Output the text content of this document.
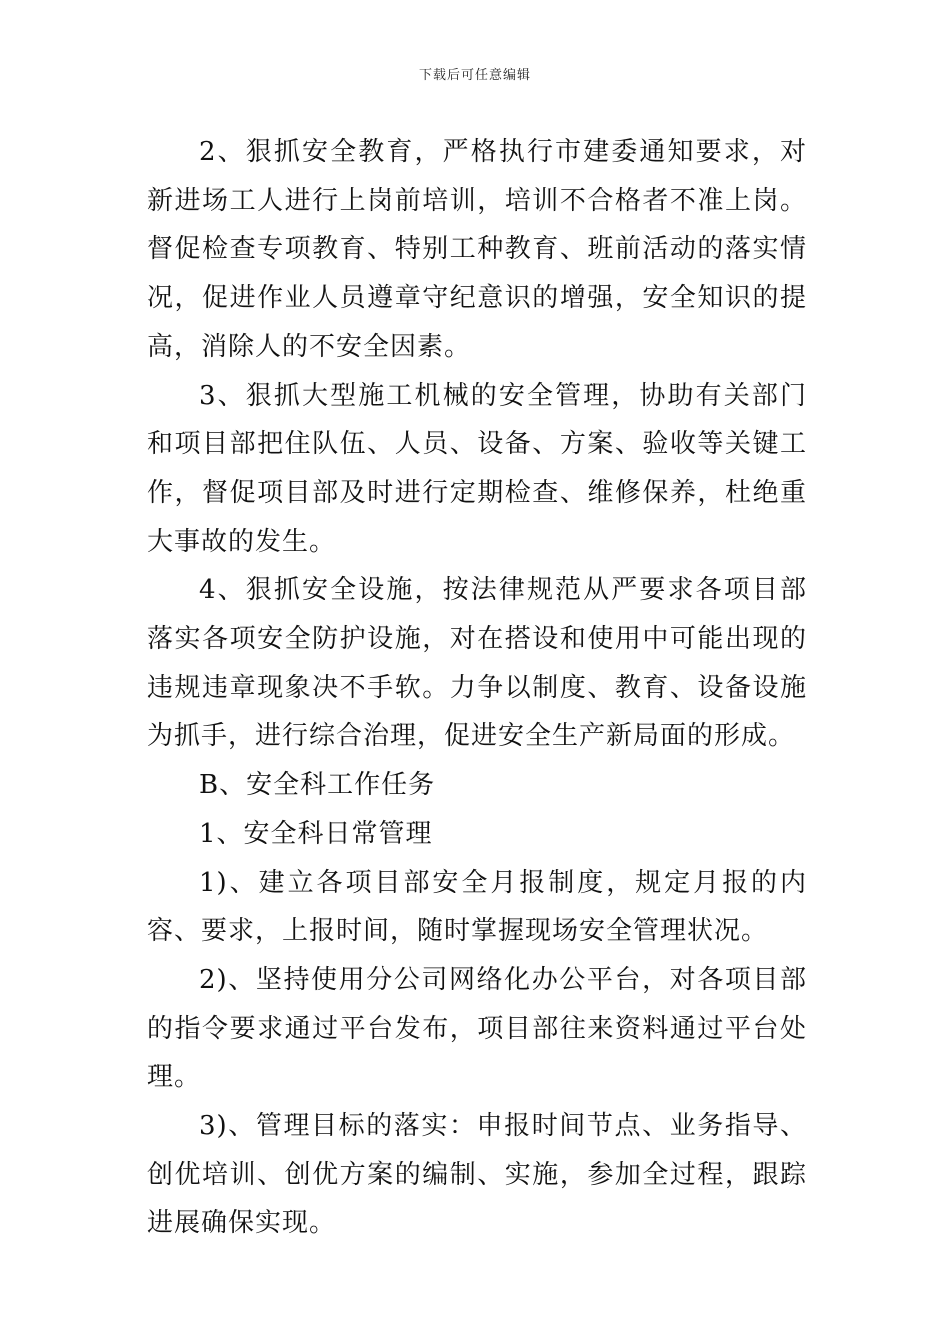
下载后可任意编辑

2、狠抓安全教育，严格执行市建委通知要求，对新进场工人进行上岗前培训，培训不合格者不准上岗。督促检查专项教育、特别工种教育、班前活动的落实情况，促进作业人员遵章守纪意识的增强，安全知识的提高，消除人的不安全因素。

3、狠抓大型施工机械的安全管理，协助有关部门和项目部把住队伍、人员、设备、方案、验收等关键工作，督促项目部及时进行定期检查、维修保养，杜绝重大事故的发生。

4、狠抓安全设施，按法律规范从严要求各项目部落实各项安全防护设施，对在搭设和使用中可能出现的违规违章现象决不手软。力争以制度、教育、设备设施为抓手，进行综合治理，促进安全生产新局面的形成。

B、安全科工作任务

1、安全科日常管理

1)、建立各项目部安全月报制度，规定月报的内容、要求，上报时间，随时掌握现场安全管理状况。

2)、坚持使用分公司网络化办公平台，对各项目部的指令要求通过平台发布，项目部往来资料通过平台处理。

3)、管理目标的落实：申报时间节点、业务指导、创优培训、创优方案的编制、实施，参加全过程，跟踪进展确保实现。
